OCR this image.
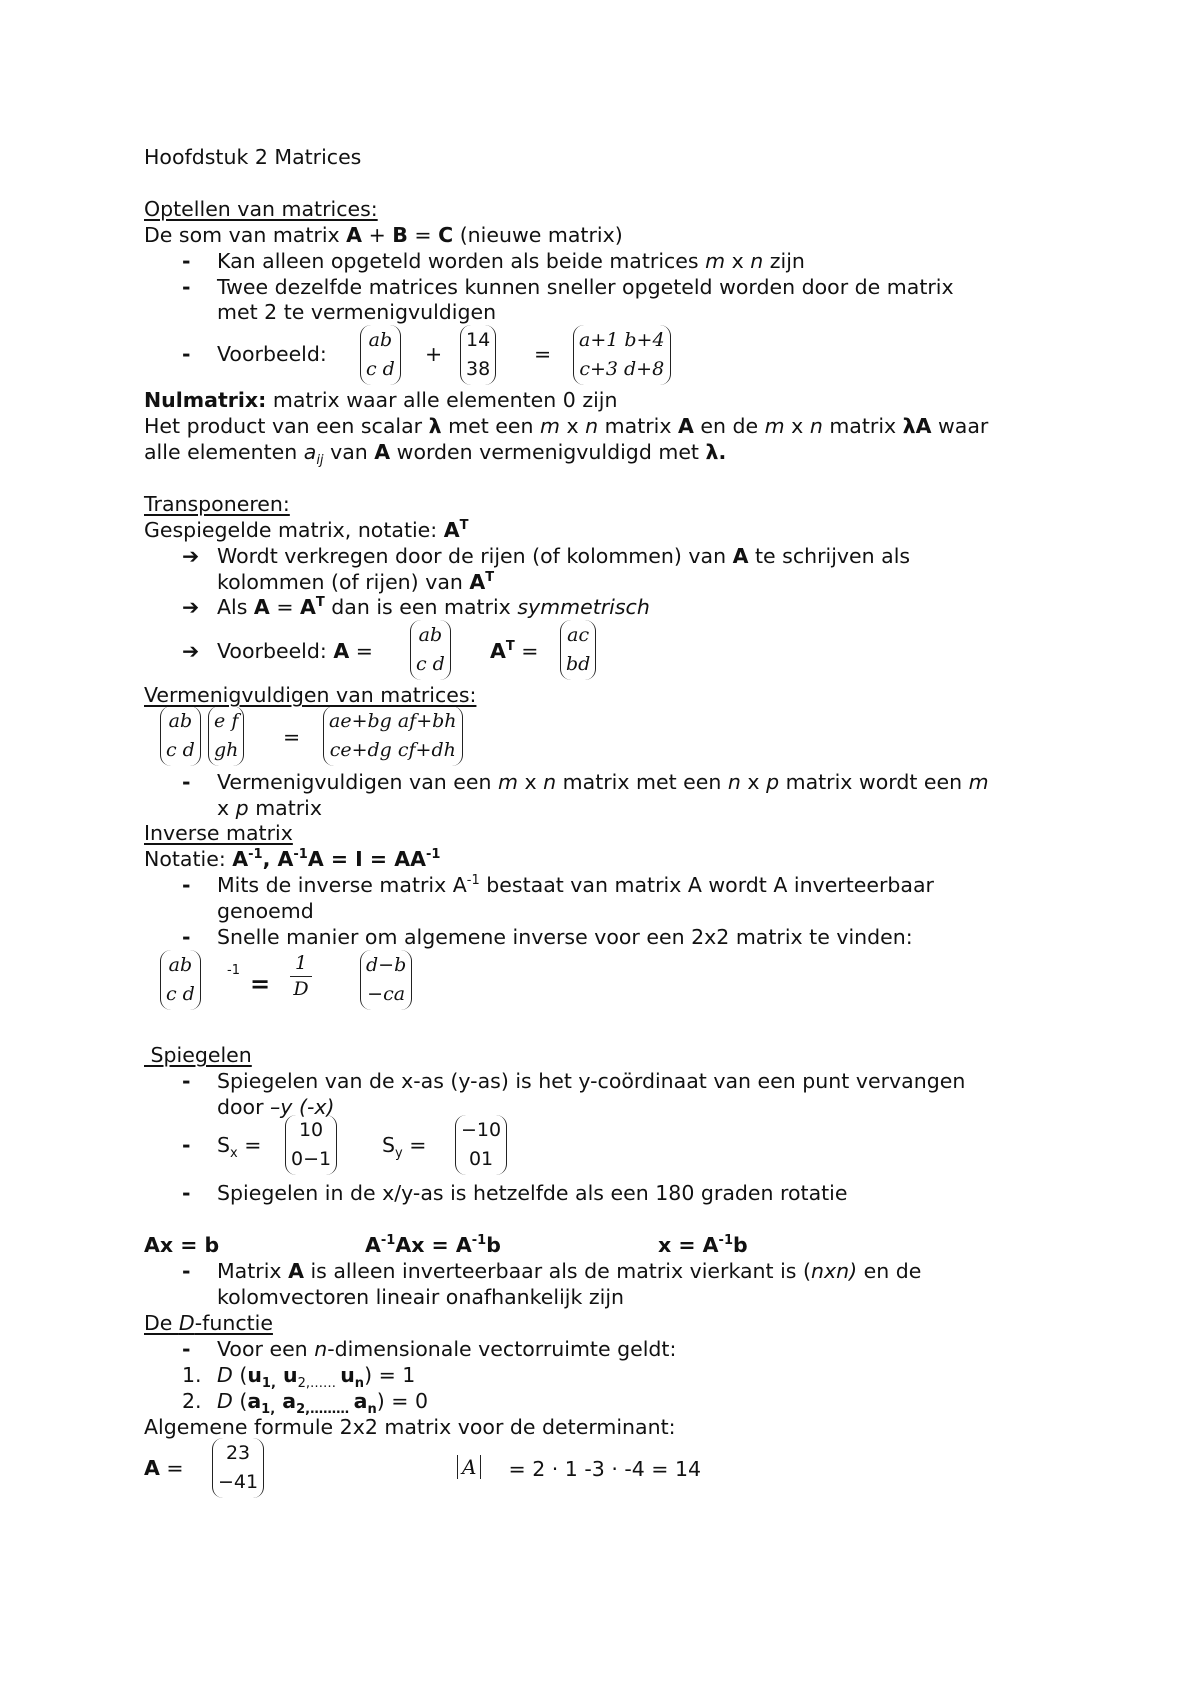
Hoofdstuk 2 Matrices
Optellen van matrices:
De som van matrix A + B = C (nieuwe matrix)
- Kan alleen opgeteld worden als beide matrices m x n zijn
- Twee dezelfde matrices kunnen sneller opgeteld worden door de matrix
met 2 te vermenigvuldigen
- Voorbeeld:
ab
c d
+
14
38
=
a+1 b+4
c+3 d+8
Nulmatrix: matrix waar alle elementen 0 zijn
Het product van een scalar λ met een m x n matrix A en de m x n matrix λA waar
alle elementen $a_{ij}$ van A worden vermenigvuldigd met λ.
Transponeren:
Gespiegelde matrix, notatie: $A^T$
➔ Wordt verkregen door de rijen (of kolommen) van A te schrijven als
kolommen (of rijen) van $A^T$
➔ Als $A = A^T$ dan is een matrix symmetrisch
➔ Voorbeeld: A =
ab
c d
$A^T$ =
ac
bd
Vermenigvuldigen van matrices:
ab
c d
e f
gh
=
ae+bg af+bh
ce+dg cf+dh
- Vermenigvuldigen van een m x n matrix met een n x p matrix wordt een m
x p matrix
Inverse matrix
Notatie: $A^{-1}$, $A^{-1}A = I = AA^{-1}$
- Mits de inverse matrix $A^{-1}$ bestaat van matrix A wordt A inverteerbaar
genoemd
- Snelle manier om algemene inverse voor een 2x2 matrix te vinden:
ab
c d
$-1 = \frac{1}{D}$	d−b
−ca
Spiegelen
- Spiegelen van de x-as (y-as) is het y-coördinaat van een punt vervangen
door –y (-x)
- $S_x$ =
10
0−1
$S_y$ =
−10
01
- Spiegelen in de x/y-as is hetzelfde als een 180 graden rotatie
Ax = b	$A^{-1}Ax = A^{-1}b$	$x = A^{-1}b$
- Matrix A is alleen inverteerbaar als de matrix vierkant is (nxn) en de
kolomvectoren lineair onafhankelijk zijn
De D-functie
- Voor een n-dimensionale vectorruimte geldt:
1. D ($u_{1,}$ $u_{2,\dots\dots}$ $u_n) = 1$
2. D ($a_{1,}$ $a_{2,\dots\dots\dots}$ $a_n) = 0$
Algemene formule 2x2 matrix voor de determinant:
A =
23
−41
A = 2 · 1 -3 · -4 = 14
